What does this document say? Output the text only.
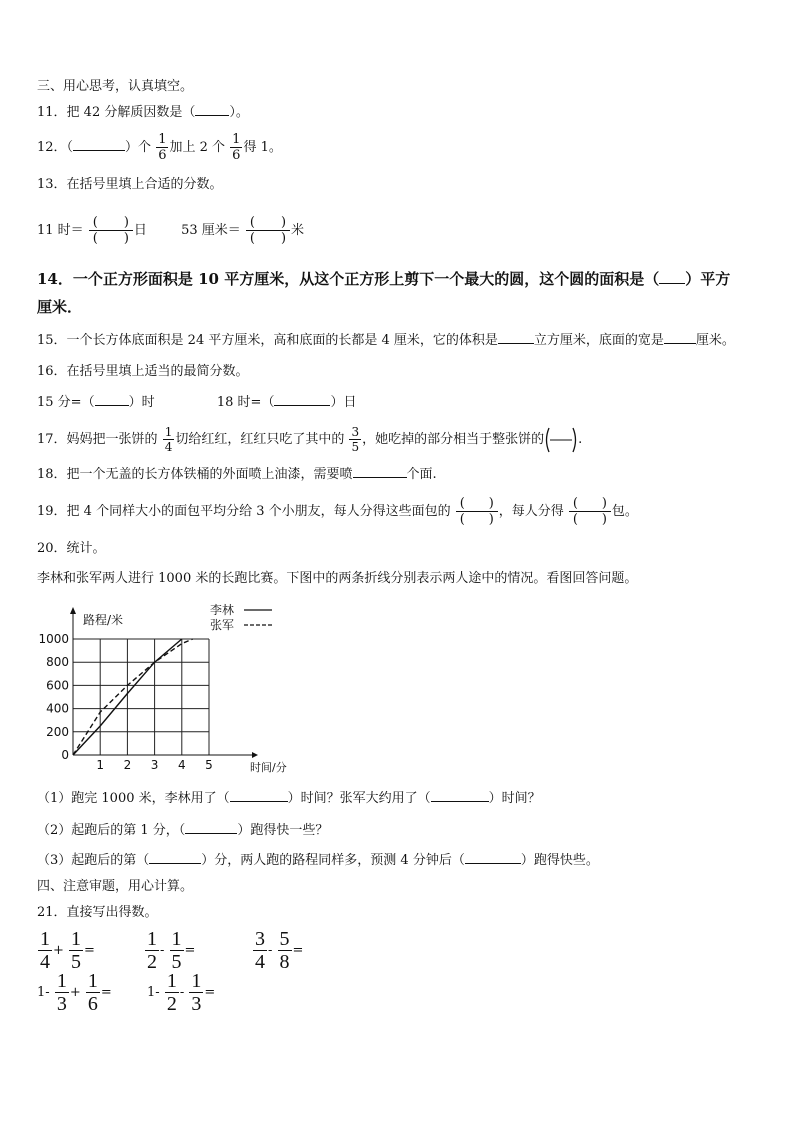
三、用心思考，认真填空。
11．把 42 分解质因数是（	）。
12．（	）个 $\frac{1}{6}$ 加上 2 个 $\frac{1}{6}$ 得 1。
13．在括号里填上合适的分数。
11 时＝ $\frac{( )}{( )}$ 日	53 厘米＝ $\frac{( )}{( )}$ 米
14．一个正方形面积是 10 平方厘米，从这个正方形上剪下一个最大的圆，这个圆的面积是（ ）平方
厘米．
15．一个长方体底面积是 24 平方厘米，高和底面的长都是 4 厘米，它的体积是	立方厘米，底面的宽是 厘米。
16．在括号里填上适当的最简分数。
15 分=（	）时	18 时=（	）日
17．妈妈把一张饼的 $\frac{1}{4}$ 切给红红，红红只吃了其中的 $\frac{3}{5}$ ，她吃掉的部分相当于整张饼的	.
18．把一个无盖的长方体铁桶的外面喷上油漆，需要喷	个面.
19．把 4 个同样大小的面包平均分给 3 个小朋友，每人分得这些面包的 $\frac{( )}{( )}$ ，每人分得 $\frac{( )}{( )}$ 包。
20．统计。
李林和张军两人进行 1000 米的长跑比赛。下图中的两条折线分别表示两人途中的情况。看图回答问题。
1 2 3 4 5
0
200
400
600
800
1000
路程/米
时间/分
李林
张军
（1）跑完 1000 米，李林用了（	）时间？张军大约用了（	）时间？
（2）起跑后的第 1 分，（	）跑得快一些？
（3）起跑后的第（	）分，两人跑的路程同样多，预测 4 分钟后（	）跑得快些。
四、注意审题，用心计算。
21．直接写出得数。
$\frac{1}{4} + \frac{1}{5}$ =	$\frac{1}{2} - \frac{1}{5}$ =	$\frac{3}{4} - \frac{5}{8}$ =
$1- \frac{1}{3} + \frac{1}{6}$ =	$1- \frac{1}{2} - \frac{1}{3}$ =
